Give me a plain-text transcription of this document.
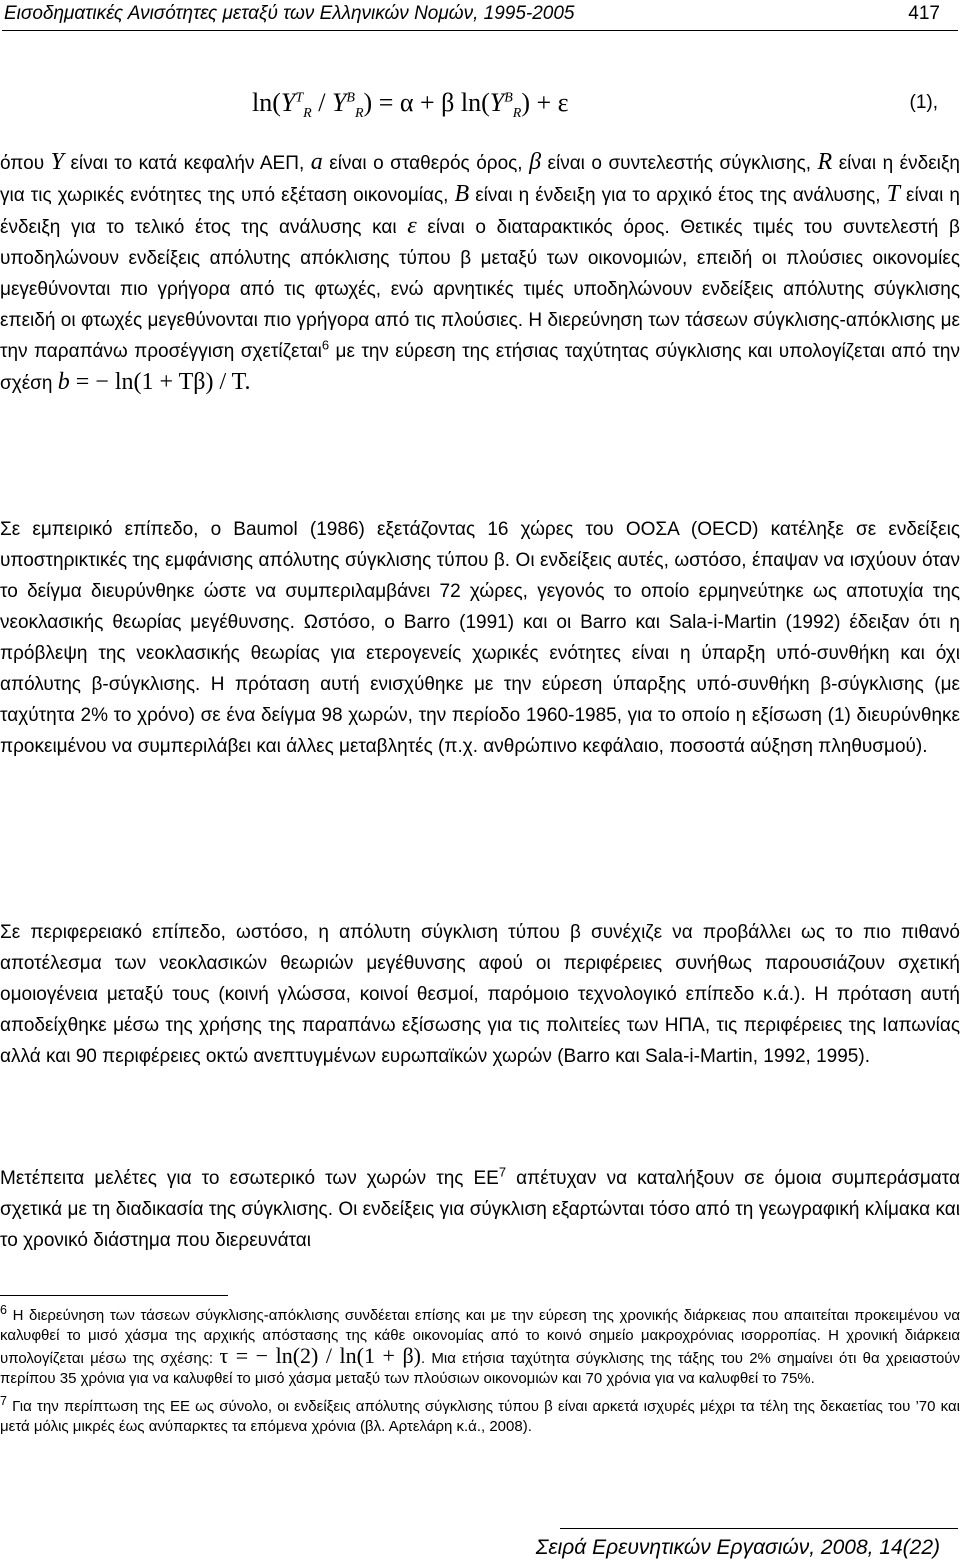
Εισοδηματικές Ανισότητες μεταξύ των Ελληνικών Νομών, 1995-2005	417
$\ln(Y^T_R / Y^B_R) = \alpha + \beta$ $\ln(Y^B_R) + \varepsilon$	(1),

όπου Y είναι το κατά κεφαλήν ΑΕΠ, a είναι ο σταθερός όρος, β είναι ο συντελεστής σύγκλισης, R είναι η ένδειξη για τις χωρικές ενότητες της υπό εξέταση οικονομίας, B είναι η ένδειξη για το αρχικό έτος της ανάλυσης, T είναι η ένδειξη για το τελικό έτος της ανάλυσης και ε είναι ο διαταρακτικός όρος. Θετικές τιμές του συντελεστή β υποδηλώνουν ενδείξεις απόλυτης απόκλισης τύπου β μεταξύ των οικονομιών, επειδή οι πλούσιες οικονομίες μεγεθύνονται πιο γρήγορα από τις φτωχές, ενώ αρνητικές τιμές υποδηλώνουν ενδείξεις απόλυτης σύγκλισης επειδή οι φτωχές μεγεθύνονται πιο γρήγορα από τις πλούσιες. Η διερεύνηση των τάσεων σύγκλισης-απόκλισης με την παραπάνω προσέγγιση σχετίζεται$^6$ με την εύρεση της ετήσιας ταχύτητας σύγκλισης και υπολογίζεται από την σχέση b = − ln(1 + Tβ) / T.

Σε εμπειρικό επίπεδο, ο Baumol (1986) εξετάζοντας 16 χώρες του ΟΟΣΑ (OECD) κατέληξε σε ενδείξεις υποστηρικτικές της εμφάνισης απόλυτης σύγκλισης τύπου β. Οι ενδείξεις αυτές, ωστόσο, έπαψαν να ισχύουν όταν το δείγμα διευρύνθηκε ώστε να συμπεριλαμβάνει 72 χώρες, γεγονός το οποίο ερμηνεύτηκε ως αποτυχία της νεοκλασικής θεωρίας μεγέθυνσης. Ωστόσο, ο Barro (1991) και οι Barro και Sala-i-Martin (1992) έδειξαν ότι η πρόβλεψη της νεοκλασικής θεωρίας για ετερογενείς χωρικές ενότητες είναι η ύπαρξη υπό-συνθήκη και όχι απόλυτης β-σύγκλισης. Η πρόταση αυτή ενισχύθηκε με την εύρεση ύπαρξης υπό-συνθήκη β-σύγκλισης (με ταχύτητα 2% το χρόνο) σε ένα δείγμα 98 χωρών, την περίοδο 1960-1985, για το οποίο η εξίσωση (1) διευρύνθηκε προκειμένου να συμπεριλάβει και άλλες μεταβλητές (π.χ. ανθρώπινο κεφάλαιο, ποσοστά αύξηση πληθυσμού).

Σε περιφερειακό επίπεδο, ωστόσο, η απόλυτη σύγκλιση τύπου β συνέχιζε να προβάλλει ως το πιο πιθανό αποτέλεσμα των νεοκλασικών θεωριών μεγέθυνσης αφού οι περιφέρειες συνήθως παρουσιάζουν σχετική ομοιογένεια μεταξύ τους (κοινή γλώσσα, κοινοί θεσμοί, παρόμοιο τεχνολογικό επίπεδο κ.ά.). Η πρόταση αυτή αποδείχθηκε μέσω της χρήσης της παραπάνω εξίσωσης για τις πολιτείες των ΗΠΑ, τις περιφέρειες της Ιαπωνίας αλλά και 90 περιφέρειες οκτώ ανεπτυγμένων ευρωπαϊκών χωρών (Barro και Sala-i-Martin, 1992, 1995).

Μετέπειτα μελέτες για το εσωτερικό των χωρών της ΕΕ$^7$ απέτυχαν να καταλήξουν σε όμοια συμπεράσματα σχετικά με τη διαδικασία της σύγκλισης. Οι ενδείξεις για σύγκλιση εξαρτώνται τόσο από τη γεωγραφική κλίμακα και το χρονικό διάστημα που διερευνάται

$^6$ Η διερεύνηση των τάσεων σύγκλισης-απόκλισης συνδέεται επίσης και με την εύρεση της χρονικής διάρκειας που απαιτείται προκειμένου να καλυφθεί το μισό χάσμα της αρχικής απόστασης της κάθε οικονομίας από το κοινό σημείο μακροχρόνιας ισορροπίας. Η χρονική διάρκεια υπολογίζεται μέσω της σχέσης: τ = − ln(2) / ln(1 + β). Μια ετήσια ταχύτητα σύγκλισης της τάξης του 2% σημαίνει ότι θα χρειαστούν περίπου 35 χρόνια για να καλυφθεί το μισό χάσμα μεταξύ των πλούσιων οικονομιών και 70 χρόνια για να καλυφθεί το 75%.

$^7$ Για την περίπτωση της ΕΕ ως σύνολο, οι ενδείξεις απόλυτης σύγκλισης τύπου β είναι αρκετά ισχυρές μέχρι τα τέλη της δεκαετίας του ’70 και μετά μόλις μικρές έως ανύπαρκτες τα επόμενα χρόνια (βλ. Αρτελάρη κ.ά., 2008).

Σειρά Ερευνητικών Εργασιών, 2008, 14(22)
